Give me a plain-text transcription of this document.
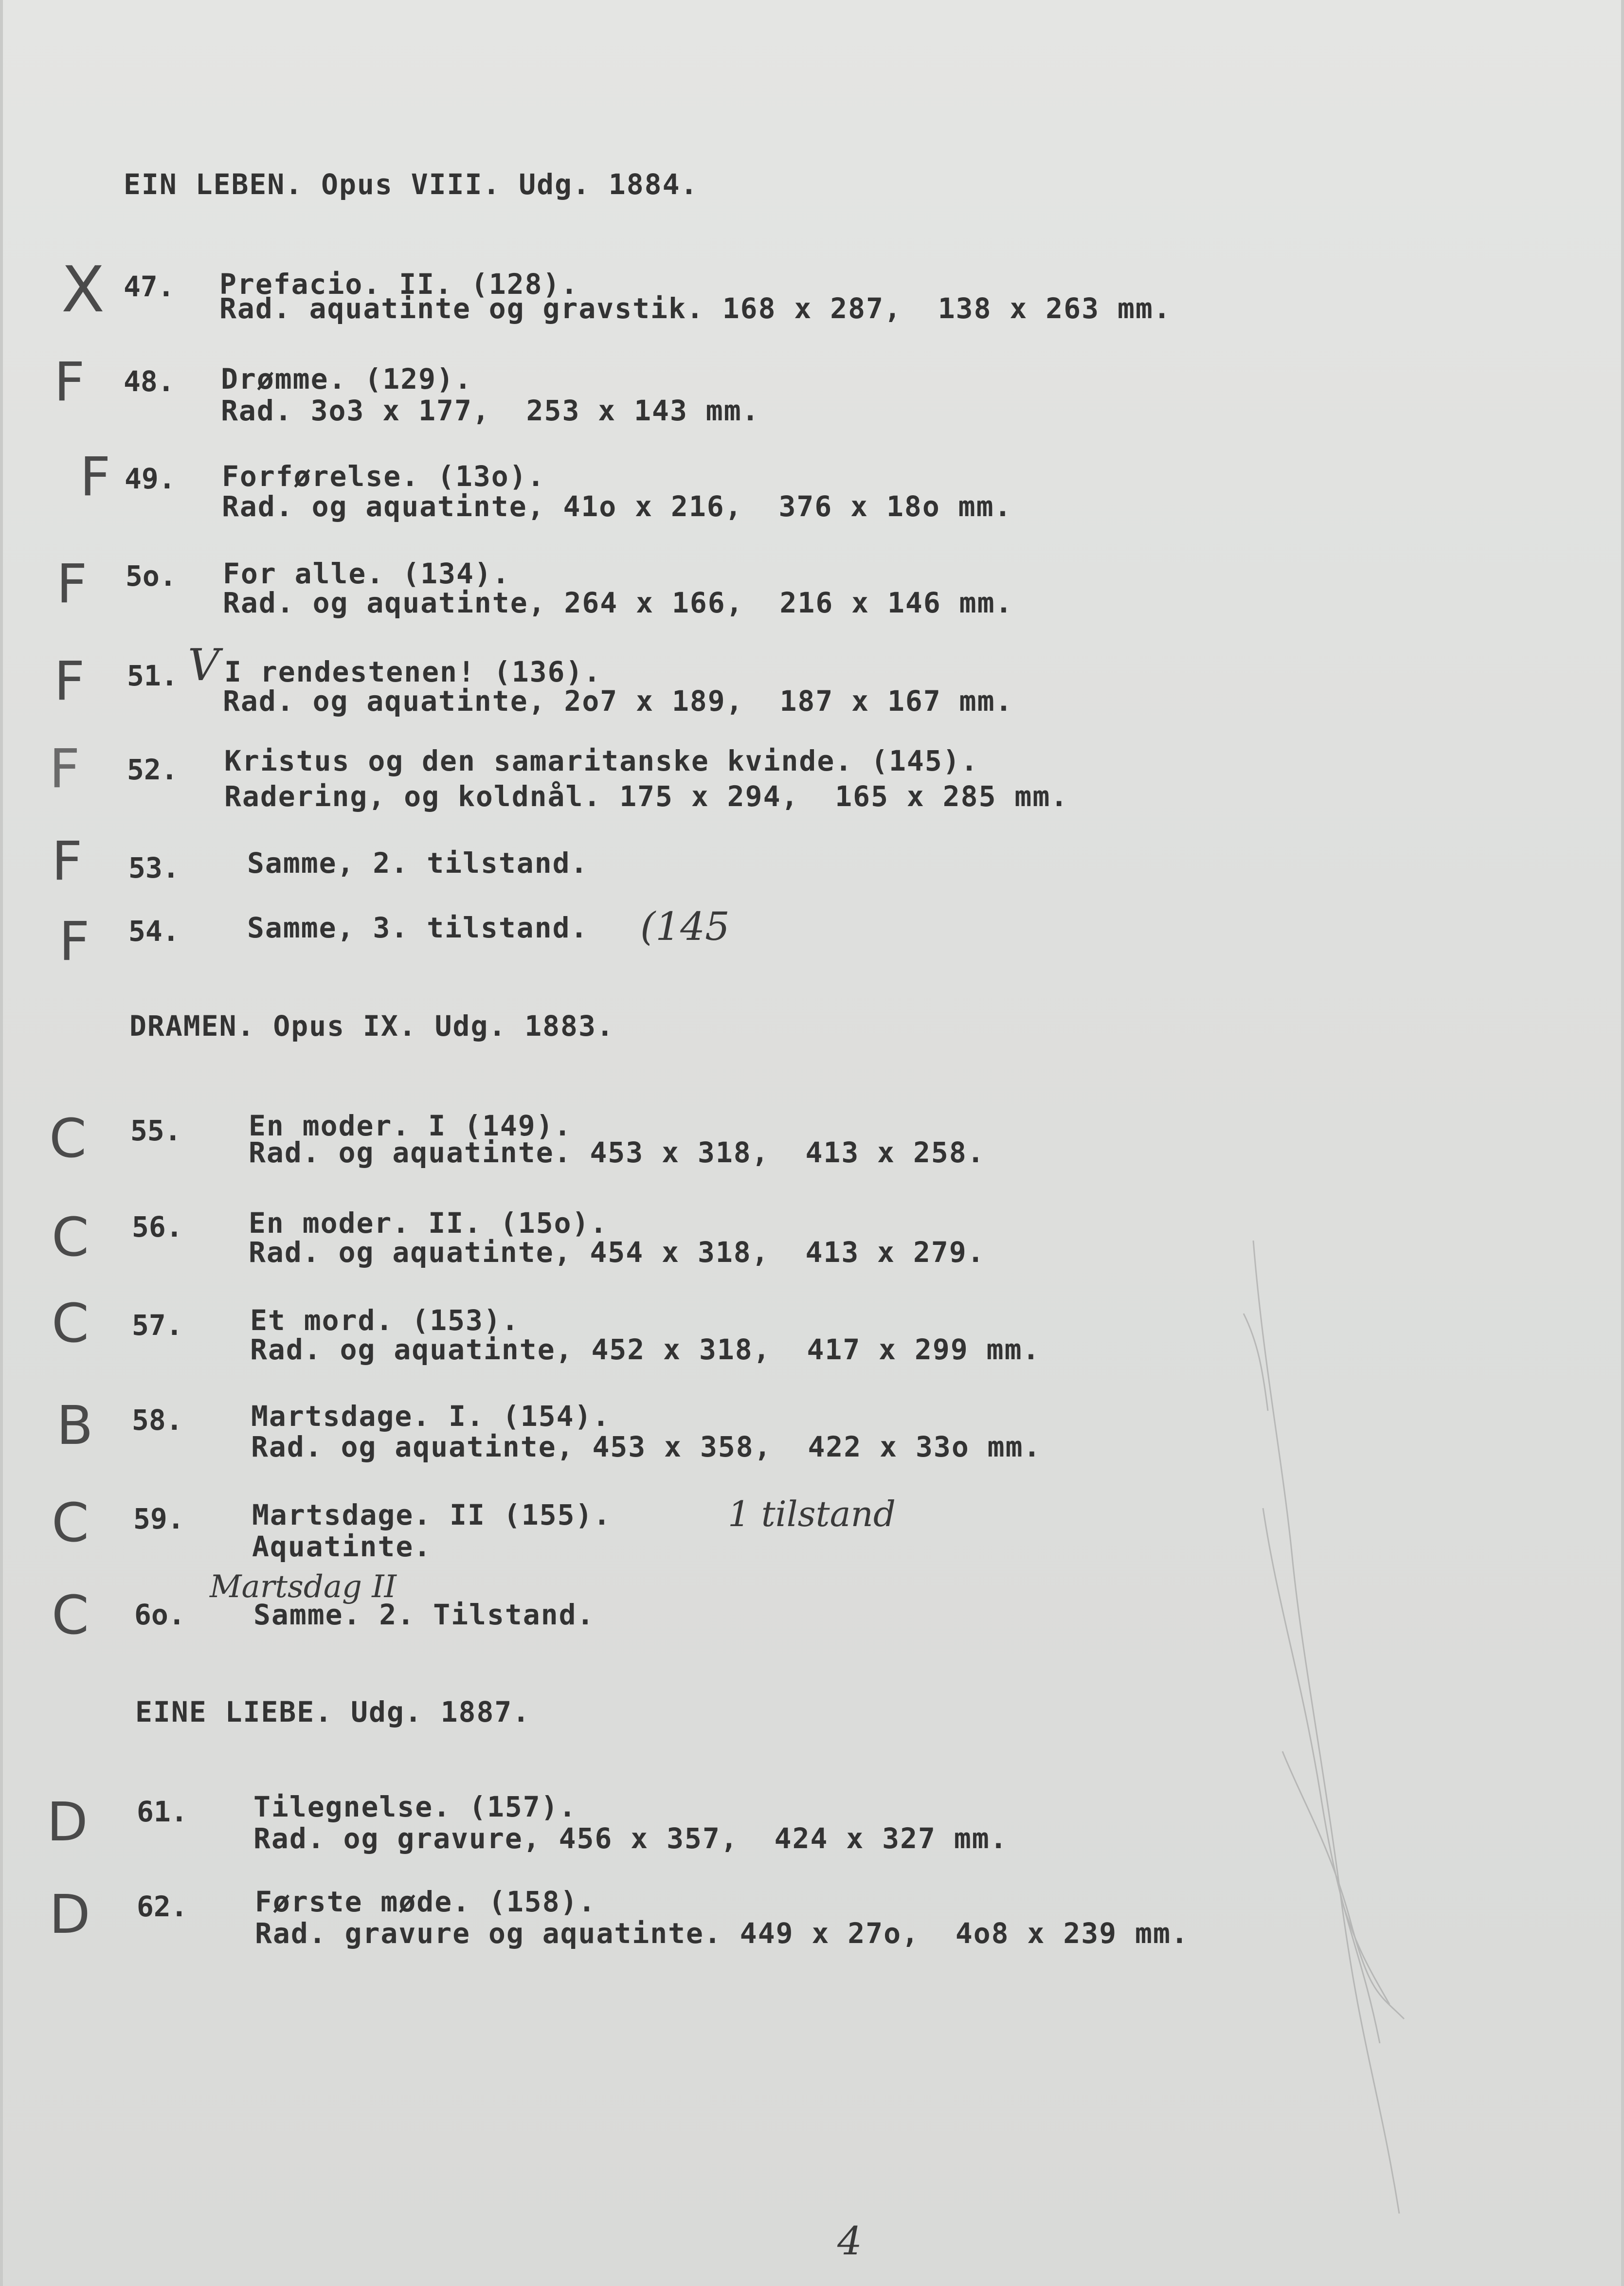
EIN LEBEN. Opus VIII. Udg. 1884.
DRAMEN. Opus IX. Udg. 1883.
EINE LIEBE. Udg. 1887.
X 47. Prefacio. II. (128).
Rad. aquatinte og gravstik. 168 x 287,  138 x 263 mm.
F 48. Drømme. (129).
Rad. 3o3 x 177,  253 x 143 mm.
F 49. Forførelse. (13o).
Rad. og aquatinte, 41o x 216,  376 x 18o mm.
F 5o. For alle. (134).
Rad. og aquatinte, 264 x 166,  216 x 146 mm.
F 51. V I rendestenen! (136).
Rad. og aquatinte, 2o7 x 189,  187 x 167 mm.
F 52. Kristus og den samaritanske kvinde. (145).
Radering, og koldnål. 175 x 294,  165 x 285 mm.
F 53. Samme, 2. tilstand.
F 54. Samme, 3. tilstand. (145
C 55. En moder. I (149).
Rad. og aquatinte. 453 x 318,  413 x 258.
C 56. En moder. II. (15o).
Rad. og aquatinte, 454 x 318,  413 x 279.
C 57. Et mord. (153).
Rad. og aquatinte, 452 x 318,  417 x 299 mm.
B 58. Martsdage. I. (154).
Rad. og aquatinte, 453 x 358,  422 x 33o mm.
C 59. Martsdage. II (155).
Aquatinte.
1 tilstand
C 6o.
Martsdag II
Samme. 2. Tilstand.
D 61. Tilegnelse. (157).
Rad. og gravure, 456 x 357,  424 x 327 mm.
D 62. Første møde. (158).
Rad. gravure og aquatinte. 449 x 27o,  4o8 x 239 mm.
4
